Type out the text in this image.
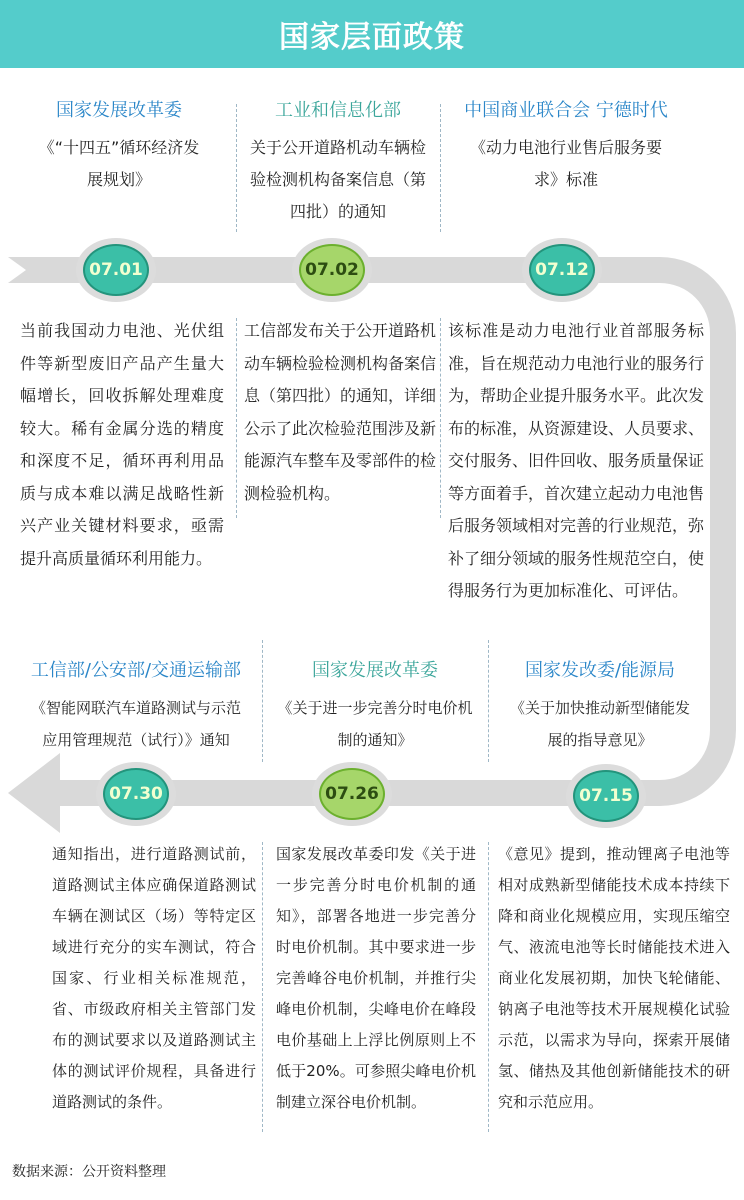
国家层面政策
国家发展改革委
《“十四五”循环经济发
展规划》
工业和信息化部
关于公开道路机动车辆检
验检测机构备案信息（第
四批）的通知
中国商业联合会 宁德时代
《动力电池行业售后服务要
求》标准
07.01	07.02	07.12
当前我国动力电池、光伏组件等新型废旧产品产生量大幅增长，回收拆解处理难度较大。稀有金属分选的精度和深度不足，循环再利用品质与成本难以满足战略性新兴产业关键材料要求，亟需提升高质量循环利用能力。
工信部发布关于公开道路机动车辆检验检测机构备案信息（第四批）的通知，详细公示了此次检验范围涉及新能源汽车整车及零部件的检测检验机构。
该标准是动力电池行业首部服务标准，旨在规范动力电池行业的服务行为，帮助企业提升服务水平。此次发布的标准，从资源建设、人员要求、交付服务、旧件回收、服务质量保证等方面着手，首次建立起动力电池售后服务领域相对完善的行业规范，弥补了细分领域的服务性规范空白，使得服务行为更加标准化、可评估。
工信部/公安部/交通运输部
《智能网联汽车道路测试与示范
应用管理规范（试行）》通知
国家发展改革委
《关于进一步完善分时电价机
制的通知》
国家发改委/能源局
《关于加快推动新型储能发
展的指导意见》
07.30	07.26	07.15
通知指出，进行道路测试前，道路测试主体应确保道路测试车辆在测试区（场）等特定区域进行充分的实车测试，符合国家、行业相关标准规范，省、市级政府相关主管部门发布的测试要求以及道路测试主体的测试评价规程，具备进行道路测试的条件。
国家发展改革委印发《关于进一步完善分时电价机制的通知》，部署各地进一步完善分时电价机制。其中要求进一步完善峰谷电价机制，并推行尖峰电价机制，尖峰电价在峰段电价基础上上浮比例原则上不低于20%。可参照尖峰电价机制建立深谷电价机制。
《意见》提到，推动锂离子电池等相对成熟新型储能技术成本持续下降和商业化规模应用，实现压缩空气、液流电池等长时储能技术进入商业化发展初期，加快飞轮储能、钠离子电池等技术开展规模化试验示范，以需求为导向，探索开展储氢、储热及其他创新储能技术的研究和示范应用。
数据来源：公开资料整理
